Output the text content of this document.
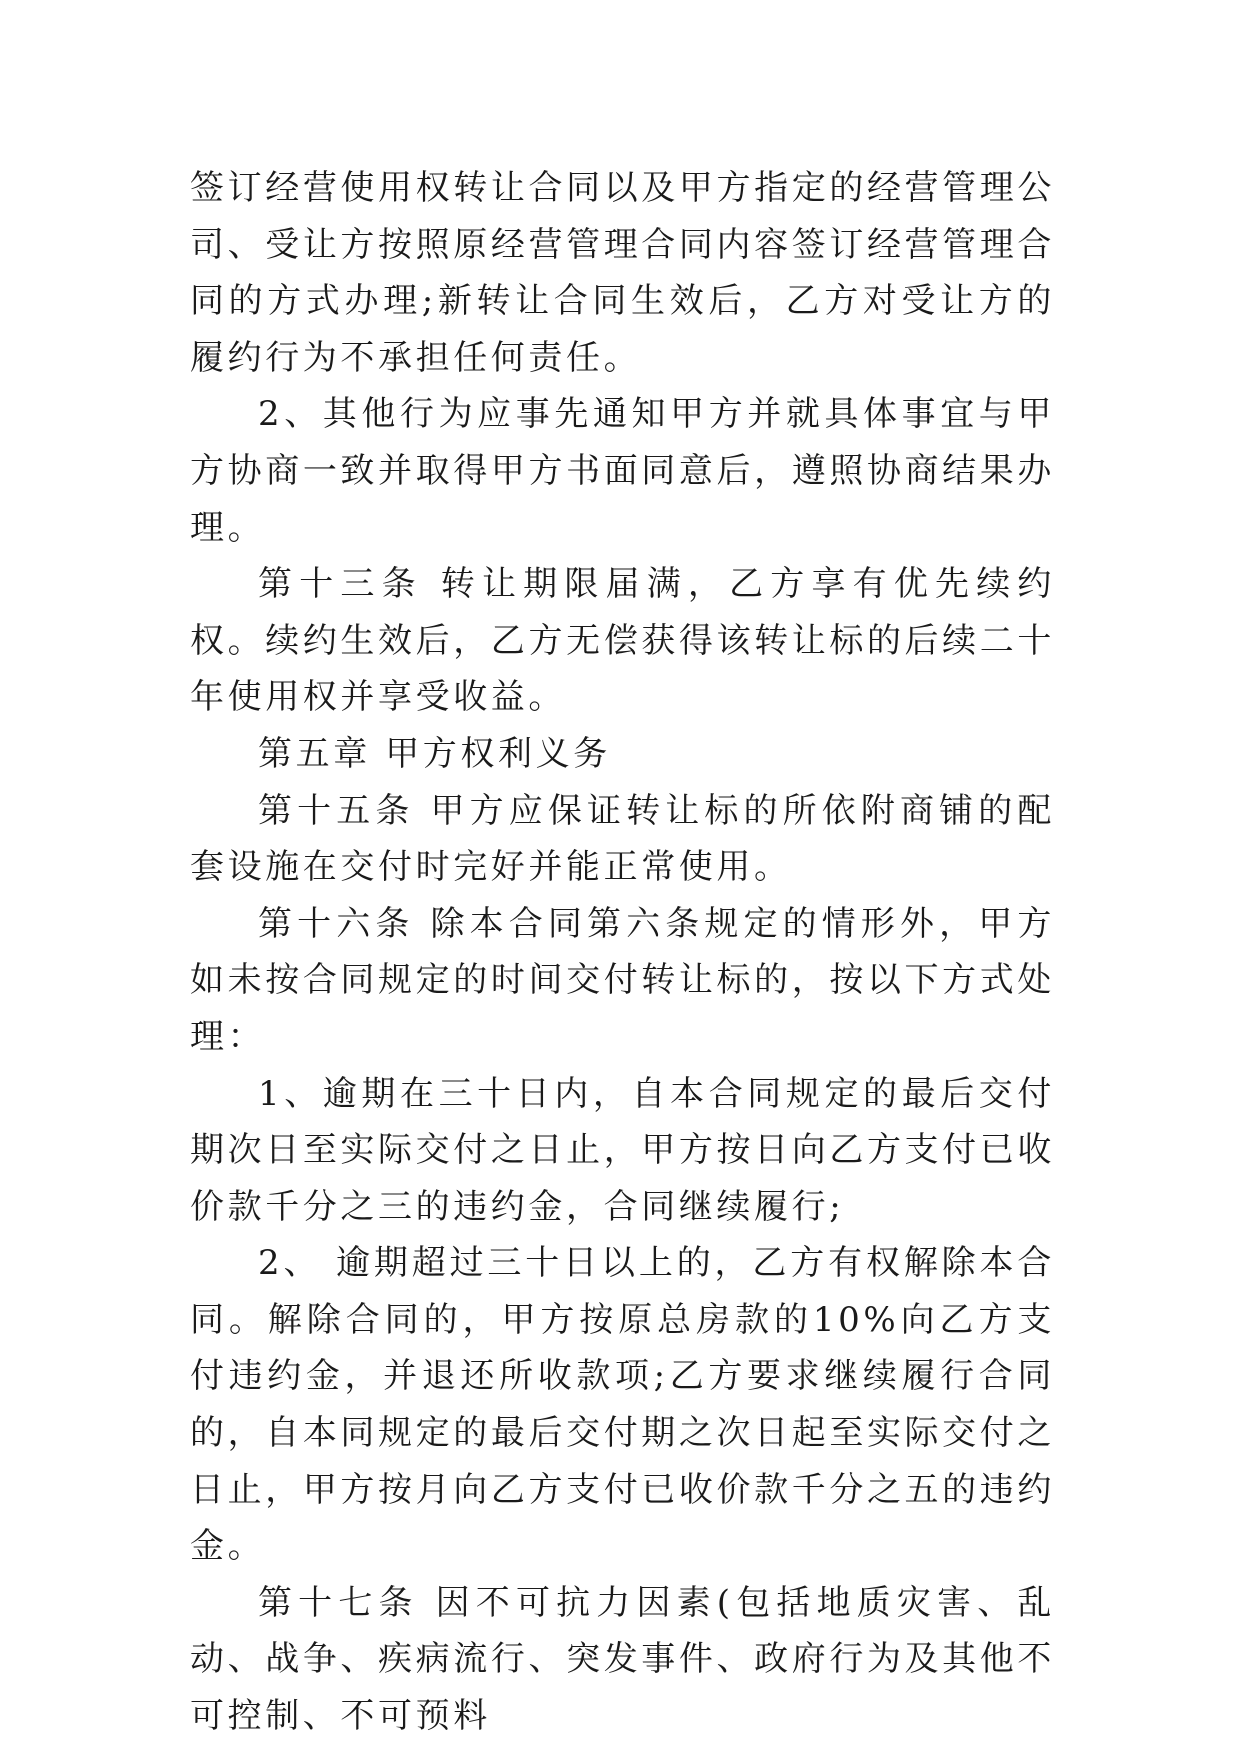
签订经营使用权转让合同以及甲方指定的经营管理公司、受让方按照原经营管理合同内容签订经营管理合同的方式办理;新转让合同生效后，乙方对受让方的履约行为不承担任何责任。

2、其他行为应事先通知甲方并就具体事宜与甲方协商一致并取得甲方书面同意后，遵照协商结果办理。

第十三条 转让期限届满，乙方享有优先续约权。续约生效后，乙方无偿获得该转让标的后续二十年使用权并享受收益。

第五章 甲方权利义务

第十五条 甲方应保证转让标的所依附商铺的配套设施在交付时完好并能正常使用。

第十六条 除本合同第六条规定的情形外，甲方如未按合同规定的时间交付转让标的，按以下方式处理：

1、逾期在三十日内，自本合同规定的最后交付期次日至实际交付之日止，甲方按日向乙方支付已收价款千分之三的违约金，合同继续履行;

2、 逾期超过三十日以上的，乙方有权解除本合同。解除合同的，甲方按原总房款的10%向乙方支付违约金，并退还所收款项;乙方要求继续履行合同的，自本同规定的最后交付期之次日起至实际交付之日止，甲方按月向乙方支付已收价款千分之五的违约金。

第十七条 因不可抗力因素(包括地质灾害、乱动、战争、疾病流行、突发事件、政府行为及其他不可控制、不可预料
